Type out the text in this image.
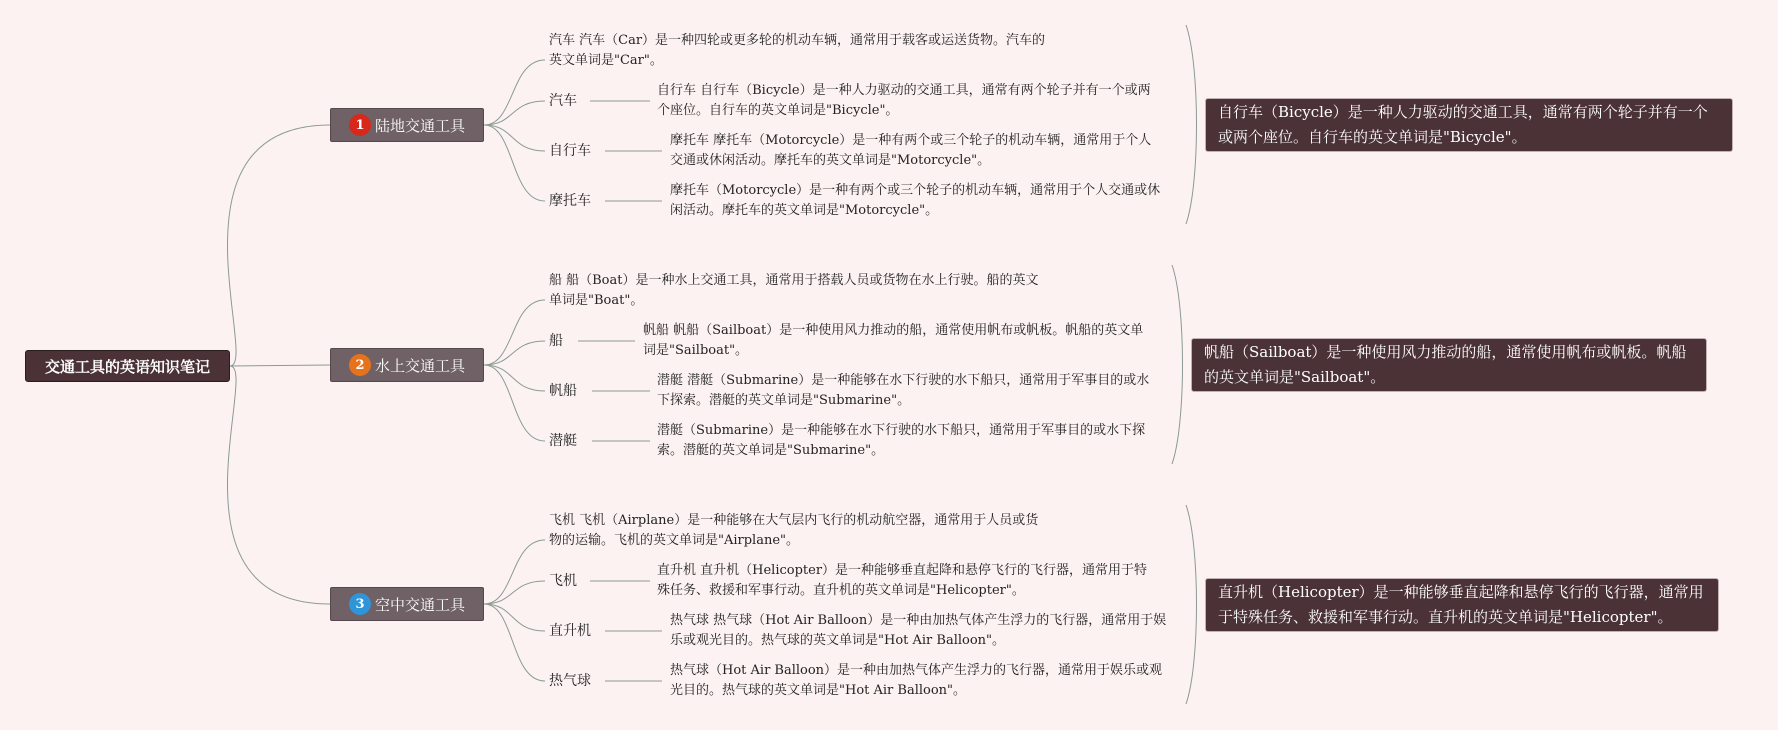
交通工具的英语知识笔记
1 陆地交通工具
汽车 汽车（Car）是一种四轮或更多轮的机动车辆，通常用于载客或运送货物。汽车的英文单词是"Car"。
汽车
自行车 自行车（Bicycle）是一种人力驱动的交通工具，通常有两个轮子并有一个或两个座位。自行车的英文单词是"Bicycle"。
自行车
摩托车 摩托车（Motorcycle）是一种有两个或三个轮子的机动车辆，通常用于个人交通或休闲活动。摩托车的英文单词是"Motorcycle"。
摩托车
摩托车（Motorcycle）是一种有两个或三个轮子的机动车辆，通常用于个人交通或休闲活动。摩托车的英文单词是"Motorcycle"。
自行车（Bicycle）是一种人力驱动的交通工具，通常有两个轮子并有一个或两个座位。自行车的英文单词是"Bicycle"。
2 水上交通工具
船 船（Boat）是一种水上交通工具，通常用于搭载人员或货物在水上行驶。船的英文单词是"Boat"。
船
帆船 帆船（Sailboat）是一种使用风力推动的船，通常使用帆布或帆板。帆船的英文单词是"Sailboat"。
帆船
潜艇 潜艇（Submarine）是一种能够在水下行驶的水下船只，通常用于军事目的或水下探索。潜艇的英文单词是"Submarine"。
潜艇
潜艇（Submarine）是一种能够在水下行驶的水下船只，通常用于军事目的或水下探索。潜艇的英文单词是"Submarine"。
帆船（Sailboat）是一种使用风力推动的船，通常使用帆布或帆板。帆船的英文单词是"Sailboat"。
3 空中交通工具
飞机 飞机（Airplane）是一种能够在大气层内飞行的机动航空器，通常用于人员或货物的运输。飞机的英文单词是"Airplane"。
飞机
直升机 直升机（Helicopter）是一种能够垂直起降和悬停飞行的飞行器，通常用于特殊任务、救援和军事行动。直升机的英文单词是"Helicopter"。
直升机
热气球 热气球（Hot Air Balloon）是一种由加热气体产生浮力的飞行器，通常用于娱乐或观光目的。热气球的英文单词是"Hot Air Balloon"。
热气球
热气球（Hot Air Balloon）是一种由加热气体产生浮力的飞行器，通常用于娱乐或观光目的。热气球的英文单词是"Hot Air Balloon"。
直升机（Helicopter）是一种能够垂直起降和悬停飞行的飞行器，通常用于特殊任务、救援和军事行动。直升机的英文单词是"Helicopter"。
